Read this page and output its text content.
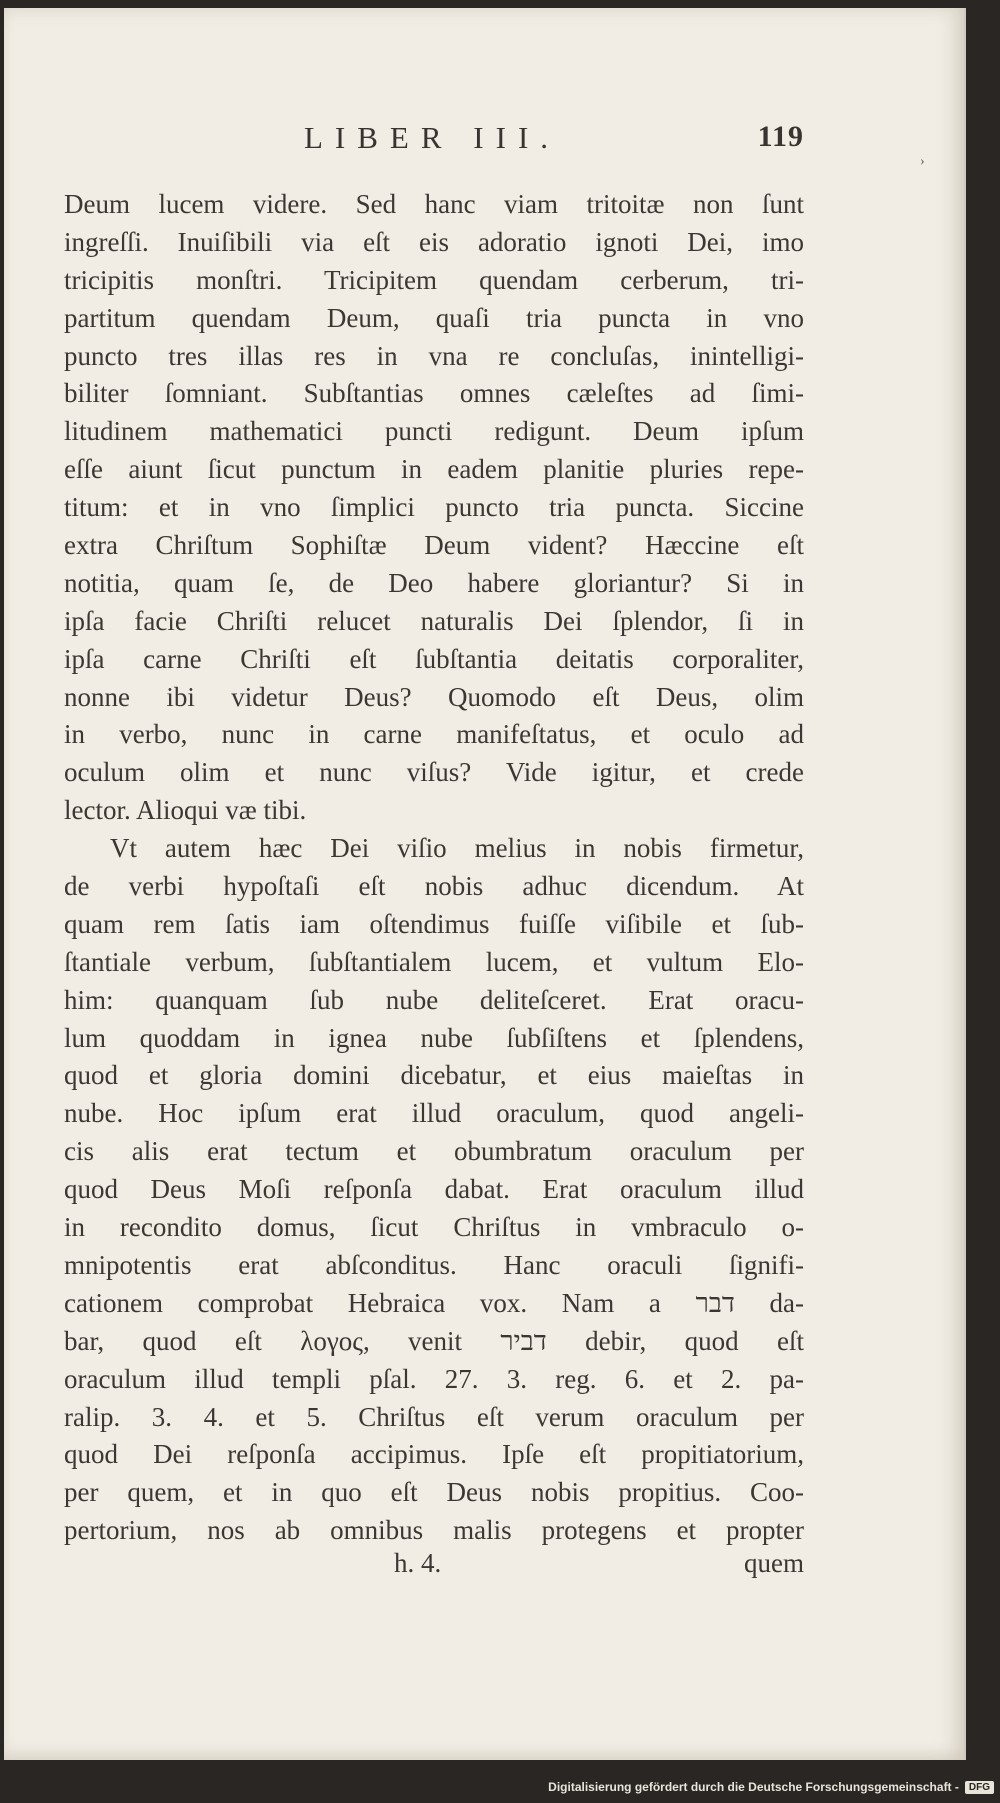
LIBER III.	119
›
Deum lucem videre. Sed hanc viam tritoitæ non ſunt
ingreſſi. Inuiſibili via eſt eis adoratio ignoti Dei, imo
tricipitis monſtri. Tricipitem quendam cerberum, tri-
partitum quendam Deum, quaſi tria puncta in vno
puncto tres illas res in vna re concluſas, inintelligi-
biliter ſomniant. Subſtantias omnes cæleſtes ad ſimi-
litudinem mathematici puncti redigunt. Deum ipſum
eſſe aiunt ſicut punctum in eadem planitie pluries repe-
titum: et in vno ſimplici puncto tria puncta. Siccine
extra Chriſtum Sophiſtæ Deum vident? Hæccine eſt
notitia, quam ſe, de Deo habere gloriantur? Si in
ipſa facie Chriſti relucet naturalis Dei ſplendor, ſi in
ipſa carne Chriſti eſt ſubſtantia deitatis corporaliter,
nonne ibi videtur Deus? Quomodo eſt Deus, olim
in verbo, nunc in carne manifeſtatus, et oculo ad
oculum olim et nunc viſus? Vide igitur, et crede
lector. Alioqui væ tibi.
Vt autem hæc Dei viſio melius in nobis firmetur,
de verbi hypoſtaſi eſt nobis adhuc dicendum. At
quam rem ſatis iam oſtendimus fuiſſe viſibile et ſub-
ſtantiale verbum, ſubſtantialem lucem, et vultum Elo-
him: quanquam ſub nube deliteſceret. Erat oracu-
lum quoddam in ignea nube ſubſiſtens et ſplendens,
quod et gloria domini dicebatur, et eius maieſtas in
nube. Hoc ipſum erat illud oraculum, quod angeli-
cis alis erat tectum et obumbratum oraculum per
quod Deus Moſi reſponſa dabat. Erat oraculum illud
in recondito domus, ſicut Chriſtus in vmbraculo o-
mnipotentis erat abſconditus. Hanc oraculi ſignifi-
cationem comprobat Hebraica vox. Nam a דבר da-
bar, quod eſt λογος, venit דביר debir, quod eſt
oraculum illud templi pſal. 27. 3. reg. 6. et 2. pa-
ralip. 3. 4. et 5. Chriſtus eſt verum oraculum per
quod Dei reſponſa accipimus. Ipſe eſt propitiatorium,
per quem, et in quo eſt Deus nobis propitius. Coo-
pertorium, nos ab omnibus malis protegens et propter
h. 4.	quem
Digitalisierung gefördert durch die Deutsche Forschungsgemeinschaft -	DFG
